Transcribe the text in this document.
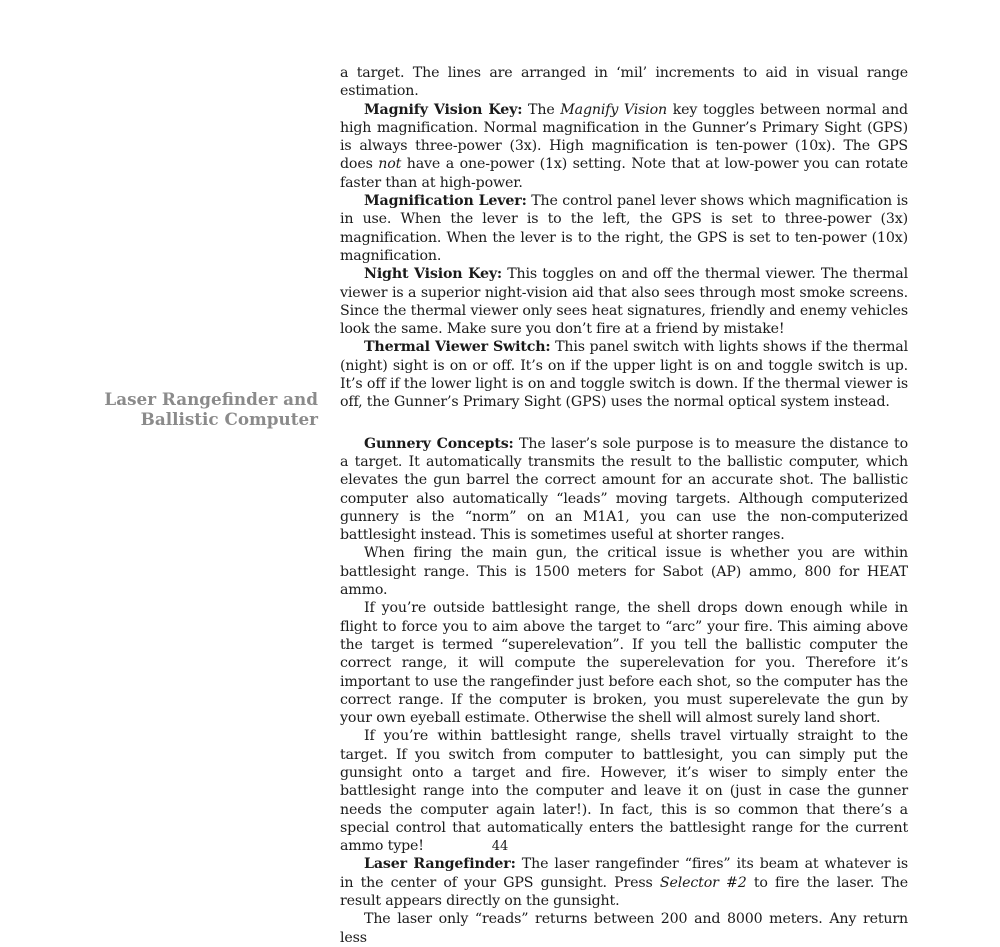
Laser Rangefinder and
Ballistic Computer

a target. The lines are arranged in ‘mil’ increments to aid in visual range estimation.

Magnify Vision Key: The Magnify Vision key toggles between normal and high magnification. Normal magnification in the Gunner’s Primary Sight (GPS) is always three-power (3x). High magnification is ten-power (10x). The GPS does not have a one-power (1x) setting. Note that at low-power you can rotate faster than at high-power.

Magnification Lever: The control panel lever shows which magnification is in use. When the lever is to the left, the GPS is set to three-power (3x) magnification. When the lever is to the right, the GPS is set to ten-power (10x) magnification.

Night Vision Key: This toggles on and off the thermal viewer. The thermal viewer is a superior night-vision aid that also sees through most smoke screens. Since the thermal viewer only sees heat signatures, friendly and enemy vehicles look the same. Make sure you don’t fire at a friend by mistake!

Thermal Viewer Switch: This panel switch with lights shows if the thermal (night) sight is on or off. It’s on if the upper light is on and toggle switch is up. It’s off if the lower light is on and toggle switch is down. If the thermal viewer is off, the Gunner’s Primary Sight (GPS) uses the normal optical system instead.

Gunnery Concepts: The laser’s sole purpose is to measure the distance to a target. It automatically transmits the result to the ballistic computer, which elevates the gun barrel the correct amount for an accurate shot. The ballistic computer also automatically “leads” moving targets. Although computerized gunnery is the “norm” on an M1A1, you can use the non-computerized battlesight instead. This is sometimes useful at shorter ranges.

When firing the main gun, the critical issue is whether you are within battlesight range. This is 1500 meters for Sabot (AP) ammo, 800 for HEAT ammo.

If you’re outside battlesight range, the shell drops down enough while in flight to force you to aim above the target to “arc” your fire. This aiming above the target is termed “superelevation”. If you tell the ballistic computer the correct range, it will compute the superelevation for you. Therefore it’s important to use the rangefinder just before each shot, so the computer has the correct range. If the computer is broken, you must superelevate the gun by your own eyeball estimate. Otherwise the shell will almost surely land short.

If you’re within battlesight range, shells travel virtually straight to the target. If you switch from computer to battlesight, you can simply put the gunsight onto a target and fire. However, it’s wiser to simply enter the battlesight range into the computer and leave it on (just in case the gunner needs the computer again later!). In fact, this is so common that there’s a special control that automatically enters the battlesight range for the current ammo type!

Laser Rangefinder: The laser rangefinder “fires” its beam at whatever is in the center of your GPS gunsight. Press Selector #2 to fire the laser. The result appears directly on the gunsight.

The laser only “reads” returns between 200 and 8000 meters. Any return less

44
